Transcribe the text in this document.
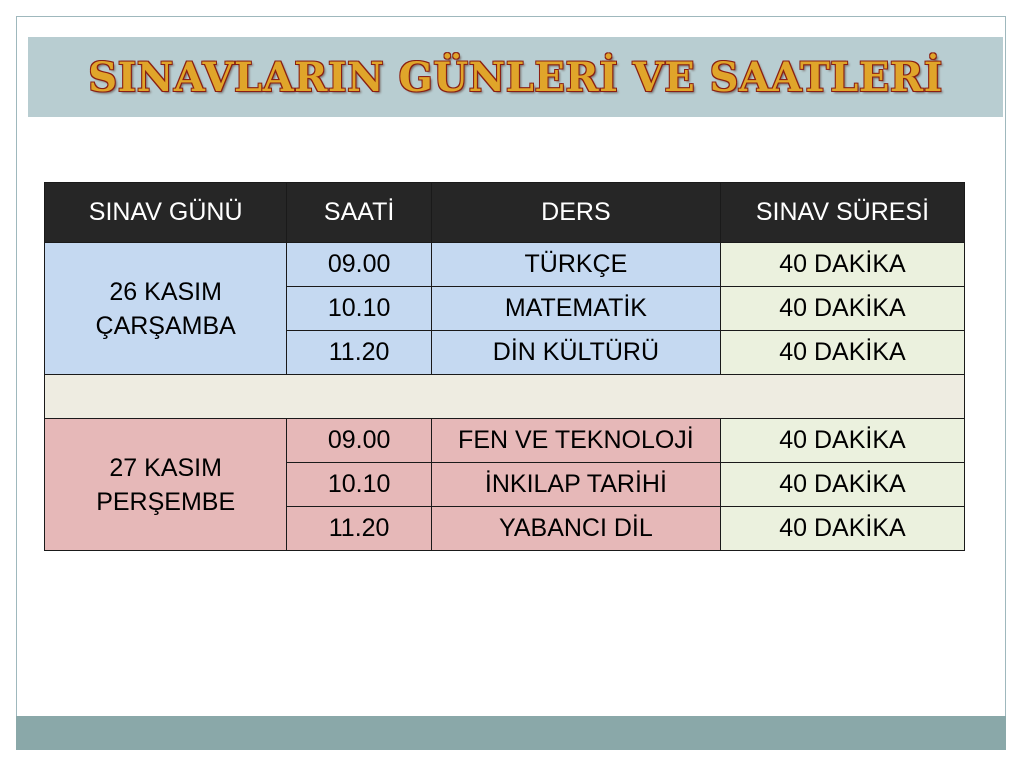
SINAVLARIN GÜNLERİ VE SAATLERİ
SINAV GÜNÜ	SAATİ	DERS	SINAV SÜRESİ

26 KASIM
ÇARŞAMBA	09.00	TÜRKÇE	40 DAKİKA
	10.10	MATEMATİK	40 DAKİKA
	11.20	DİN KÜLTÜRÜ	40 DAKİKA

27 KASIM
PERŞEMBE	09.00	FEN VE TEKNOLOJİ	40 DAKİKA
	10.10	İNKILAP TARİHİ	40 DAKİKA
	11.20	YABANCI DİL	40 DAKİKA
